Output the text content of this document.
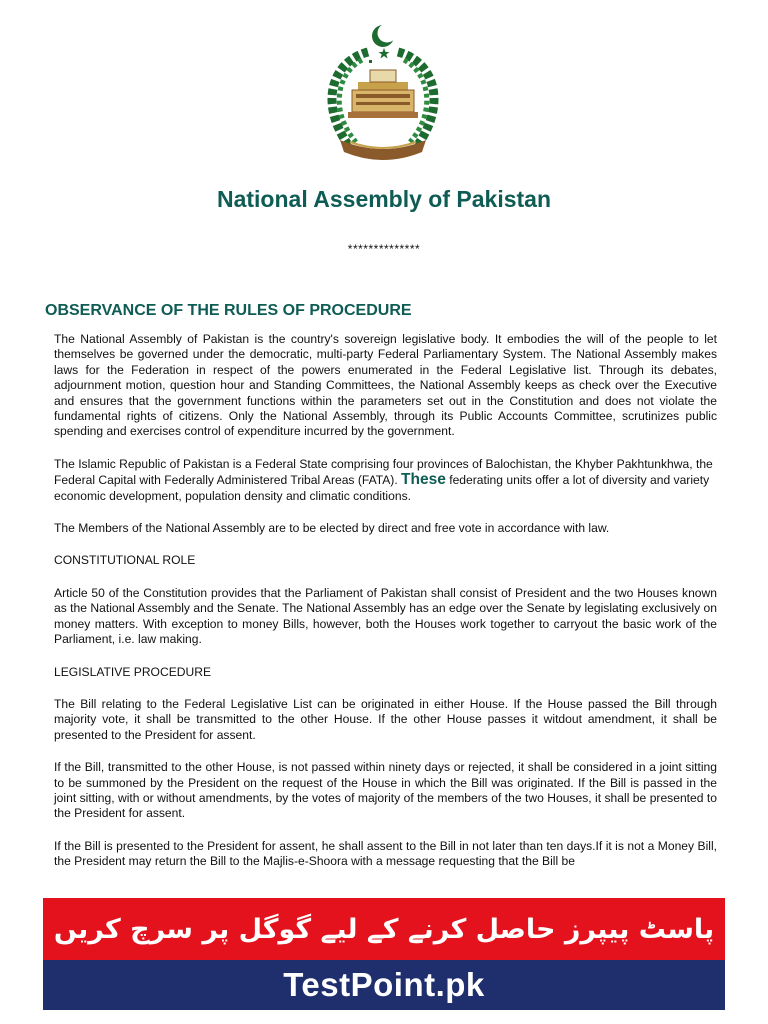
National Assembly of Pakistan
**************
OBSERVANCE OF THE RULES OF PROCEDURE

The National Assembly of Pakistan is the country's sovereign legislative body. It embodies the will of the people to let themselves be governed under the democratic, multi-party Federal Parliamentary System. The National Assembly makes laws for the Federation in respect of the powers enumerated in the Federal Legislative list. Through its debates, adjournment motion, question hour and Standing Committees, the National Assembly keeps as check over the Executive and ensures that the government functions within the parameters set out in the Constitution and does not violate the fundamental rights of citizens. Only the National Assembly, through its Public Accounts Committee, scrutinizes public spending and exercises control of expenditure incurred by the government.

The Islamic Republic of Pakistan is a Federal State comprising four provinces of Balochistan, the Khyber Pakhtunkhwa, the
Federal Capital with Federally Administered Tribal Areas (FATA). These federating units offer a lot of diversity and variety
economic development, population density and climatic conditions.

The Members of the National Assembly are to be elected by direct and free vote in accordance with law.

CONSTITUTIONAL ROLE

Article 50 of the Constitution provides that the Parliament of Pakistan shall consist of President and the two Houses known as the National Assembly and the Senate. The National Assembly has an edge over the Senate by legislating exclusively on money matters. With exception to money Bills, however, both the Houses work together to carryout the basic work of the Parliament, i.e. law making.

LEGISLATIVE PROCEDURE

The Bill relating to the Federal Legislative List can be originated in either House. If the House passed the Bill through majority vote, it shall be transmitted to the other House. If the other House passes it witdout amendment, it shall be presented to the President for assent.

If the Bill, transmitted to the other House, is not passed within ninety days or rejected, it shall be considered in a joint sitting to be summoned by the President on the request of the House in which the Bill was originated. If the Bill is passed in the joint sitting, with or without amendments, by the votes of majority of the members of the two Houses, it shall be presented to the President for assent.

If the Bill is presented to the President for assent, he shall assent to the Bill in not later than ten days.If it is not a Money Bill, the President may return the Bill to the Majlis-e-Shoora with a message requesting that the Bill be

پاسٹ پیپرز حاصل کرنے کے لیے گوگل پر سرچ کریں
TestPoint.pk
